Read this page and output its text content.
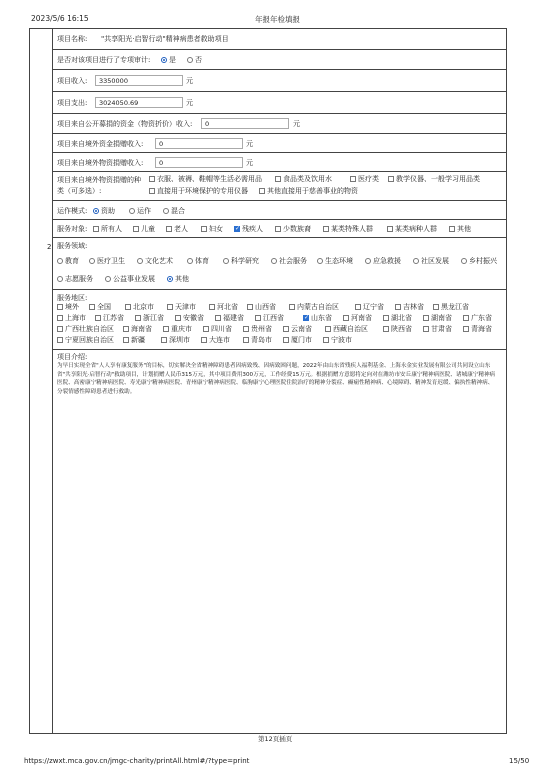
2023/5/6 16:15	年报年检填报
2
项目名称: "共享阳光·启智行动"精神病患者救助项目
是否对该项目进行了专项审计:	是	否
项目收入:	3350000	元
项目支出:	3024050.69	元
项目来自公开募捐的资金（物资折价）收入:	0	元
项目来自境外资金捐赠收入:	0	元
项目来自境外物资捐赠收入:	0	元
项目来自境外物资捐赠的种
类（可多选）:
衣服、被褥、鞋帽等生活必需用品	食品类及饮用水	医疗类	教学仪器、一般学习用品类
直接用于环境保护的专用仪器	其他直接用于慈善事业的物资
运作模式:	资助	运作	混合
服务对象:	所有人	儿童	老人	妇女 ✓	残疾人	少数族裔	某类特殊人群	某类病种人群	其他
服务领域:
教育	医疗卫生	文化艺术	体育	科学研究	社会服务	生态环境	应急救援	社区发展	乡村振兴
志愿服务	公益事业发展	其他
服务地区:
境外	全国	北京市	天津市	河北省	山西省	内蒙古自治区	辽宁省	吉林省	黑龙江省
上海市	江苏省	浙江省	安徽省	福建省	江西省 ✓	山东省	河南省	湖北省	湖南省	广东省
广西壮族自治区	海南省	重庆市	四川省	贵州省	云南省	西藏自治区	陕西省	甘肃省	青海省
宁夏回族自治区	新疆	深圳市	大连市	青岛市	厦门市	宁波市
项目介绍:
为早日实现全省"人人享有康复服务"的目标，切实解决全省精神障碍患者因病致残、因病致困问题，2022年由山东省残疾人福利基金、上海永金实业发展有限公司共同设立山东省"共享阳光·启智行动"救助项目，计划捐赠人民币315万元，其中项目费用300万元，工作经费15万元。根据捐赠方意愿将定向对在潍坊市安丘康宁精神病医院、诸城康宁精神病医院、高密康宁精神病医院、寿光康宁精神病医院、青州康宁精神病医院、临朐康宁心理医院住院治疗的精神分裂症、癫痫性精神病、心境障碍、精神发育迟缓、偏执性精神病、分裂情感性障碍患者进行救助。
第12页插页
https://zwxt.mca.gov.cn/jmgc-charity/printAll.html#/?type=print	15/50
